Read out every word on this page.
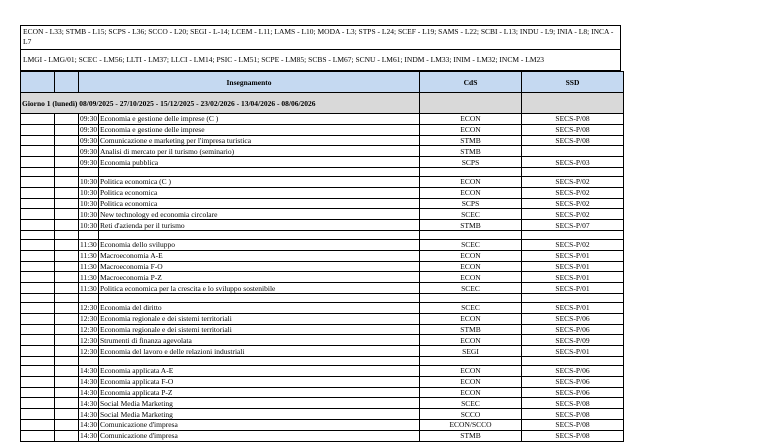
ECON - L33; STMB - L15; SCPS - L36; SCCO - L20; SEGI - L-14; LCEM - L11; LAMS - L10; MODA - L3; STPS - L24; SCEF - L19; SAMS - L22; SCBI - L13; INDU - L9; INIA - L8; INCA - L7
LMGI - LMG/01; SCEC - LM56; LLTI - LM37; LLCI - LM14; PSIC - LM51; SCPE - LM85; SCBS - LM67; SCNU - LM61; INDM - LM33; INIM - LM32; INCM - LM23
		Insegnamento		CdS	SSD
Giorno 1 (lunedì) 08/09/2025 - 27/10/2025 - 15/12/2025 - 23/02/2026 - 13/04/2026 - 08/06/2026					
		09:30	Economia e gestione delle imprese (C )	ECON	SECS-P/08
		09:30	Economia e gestione delle imprese	ECON	SECS-P/08
		09:30	Comunicazione e marketing per l'impresa turistica	STMB	SECS-P/08
		09:30	Analisi di mercato per il turismo (seminario)	STMB	
		09:30	Economia pubblica	SCPS	SECS-P/03

		10:30	Politica economica (C )	ECON	SECS-P/02
		10:30	Politica economica	ECON	SECS-P/02
		10:30	Politica economica	SCPS	SECS-P/02
		10:30	New technology ed economia circolare	SCEC	SECS-P/02
		10:30	Reti d'azienda per il turismo	STMB	SECS-P/07

		11:30	Economia dello sviluppo	SCEC	SECS-P/02
		11:30	Macroeconomia A-E	ECON	SECS-P/01
		11:30	Macroeconomia F-O	ECON	SECS-P/01
		11:30	Macroeconomia P-Z	ECON	SECS-P/01
		11:30	Politica economica per la crescita e lo sviluppo sostenibile	SCEC	SECS-P/01

		12:30	Economia del diritto	SCEC	SECS-P/01
		12:30	Economia regionale e dei sistemi territoriali	ECON	SECS-P/06
		12:30	Economia regionale e dei sistemi territoriali	STMB	SECS-P/06
		12:30	Strumenti di finanza agevolata	ECON	SECS-P/09
		12:30	Economia del lavoro e delle relazioni industriali	SEGI	SECS-P/01

		14:30	Economia applicata A-E	ECON	SECS-P/06
		14:30	Economia applicata F-O	ECON	SECS-P/06
		14:30	Economia applicata P-Z	ECON	SECS-P/06
		14:30	Social Media Marketing	SCEC	SECS-P/08
		14:30	Social Media Marketing	SCCO	SECS-P/08
		14:30	Comunicazione d'impresa	ECON/SCCO	SECS-P/08
		14:30	Comunicazione d'impresa	STMB	SECS-P/08
